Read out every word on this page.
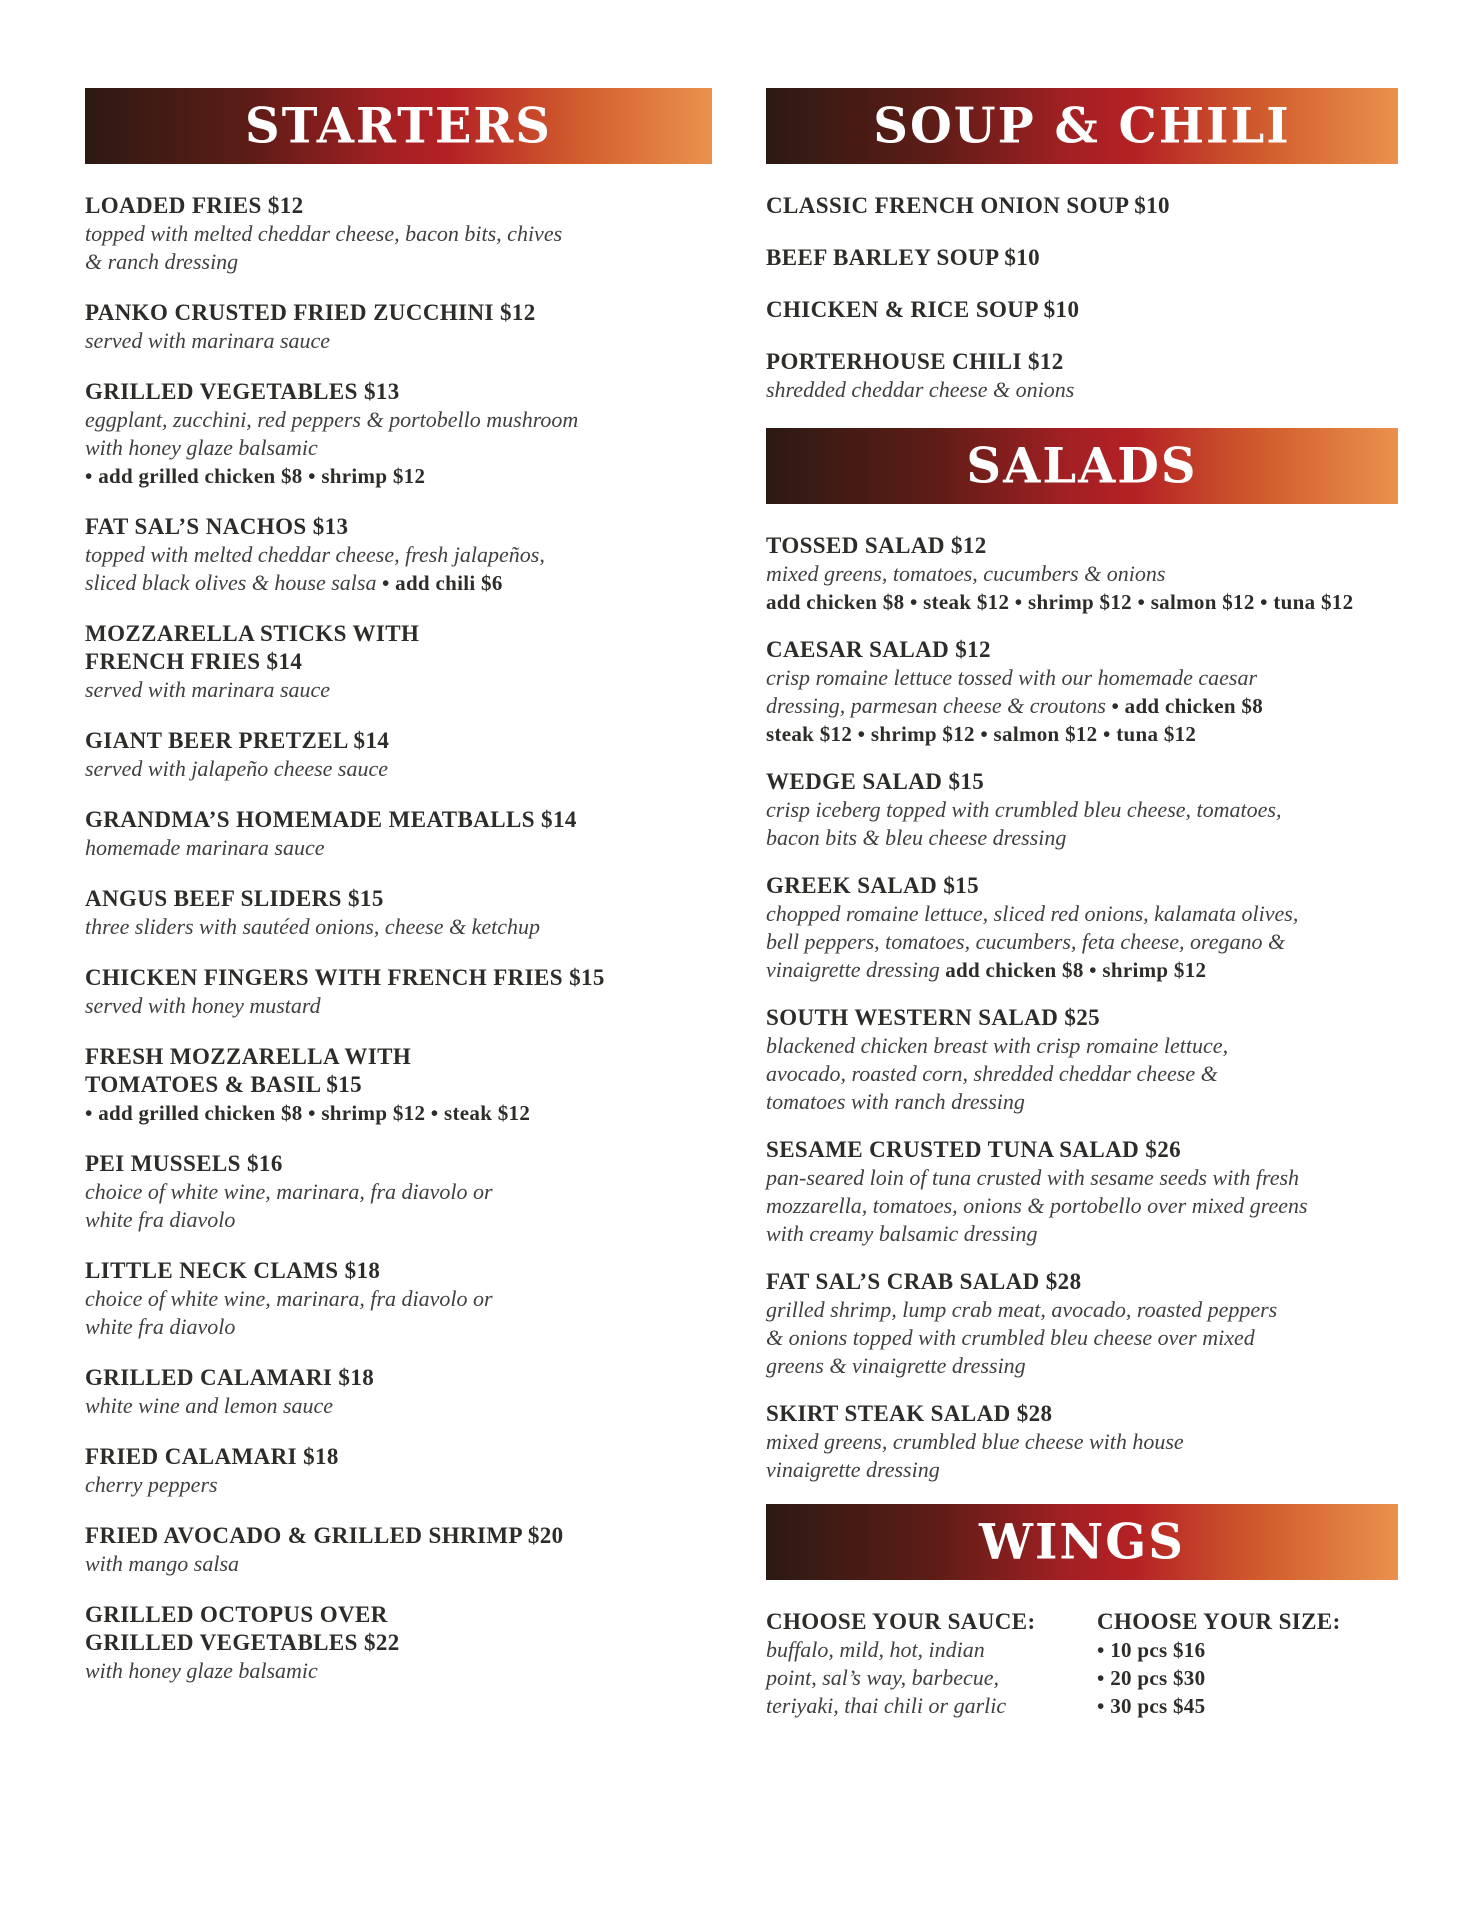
STARTERS
LOADED FRIES $12
topped with melted cheddar cheese, bacon bits, chives
& ranch dressing
PANKO CRUSTED FRIED ZUCCHINI $12
served with marinara sauce
GRILLED VEGETABLES $13
eggplant, zucchini, red peppers & portobello mushroom
with honey glaze balsamic
• add grilled chicken $8 • shrimp $12
FAT SAL’S NACHOS $13
topped with melted cheddar cheese, fresh jalapeños,
sliced black olives & house salsa • add chili $6
MOZZARELLA STICKS WITH
FRENCH FRIES $14
served with marinara sauce
GIANT BEER PRETZEL $14
served with jalapeño cheese sauce
GRANDMA’S HOMEMADE MEATBALLS $14
homemade marinara sauce
ANGUS BEEF SLIDERS $15
three sliders with sautéed onions, cheese & ketchup
CHICKEN FINGERS WITH FRENCH FRIES $15
served with honey mustard
FRESH MOZZARELLA WITH
TOMATOES & BASIL $15
• add grilled chicken $8 • shrimp $12 • steak $12
PEI MUSSELS $16
choice of white wine, marinara, fra diavolo or
white fra diavolo
LITTLE NECK CLAMS $18
choice of white wine, marinara, fra diavolo or
white fra diavolo
GRILLED CALAMARI $18
white wine and lemon sauce
FRIED CALAMARI $18
cherry peppers
FRIED AVOCADO & GRILLED SHRIMP $20
with mango salsa
GRILLED OCTOPUS OVER
GRILLED VEGETABLES $22
with honey glaze balsamic
SOUP & CHILI
CLASSIC FRENCH ONION SOUP $10
BEEF BARLEY SOUP $10
CHICKEN & RICE SOUP $10
PORTERHOUSE CHILI $12
shredded cheddar cheese & onions
SALADS
TOSSED SALAD $12
mixed greens, tomatoes, cucumbers & onions
add chicken $8 • steak $12 • shrimp $12 • salmon $12 • tuna $12
CAESAR SALAD $12
crisp romaine lettuce tossed with our homemade caesar
dressing, parmesan cheese & croutons • add chicken $8
steak $12 • shrimp $12 • salmon $12 • tuna $12
WEDGE SALAD $15
crisp iceberg topped with crumbled bleu cheese, tomatoes,
bacon bits & bleu cheese dressing
GREEK SALAD $15
chopped romaine lettuce, sliced red onions, kalamata olives,
bell peppers, tomatoes, cucumbers, feta cheese, oregano &
vinaigrette dressing add chicken $8 • shrimp $12
SOUTH WESTERN SALAD $25
blackened chicken breast with crisp romaine lettuce,
avocado, roasted corn, shredded cheddar cheese &
tomatoes with ranch dressing
SESAME CRUSTED TUNA SALAD $26
pan-seared loin of tuna crusted with sesame seeds with fresh
mozzarella, tomatoes, onions & portobello over mixed greens
with creamy balsamic dressing
FAT SAL’S CRAB SALAD $28
grilled shrimp, lump crab meat, avocado, roasted peppers
& onions topped with crumbled bleu cheese over mixed
greens & vinaigrette dressing
SKIRT STEAK SALAD $28
mixed greens, crumbled blue cheese with house
vinaigrette dressing
WINGS
CHOOSE YOUR SAUCE:
buffalo, mild, hot, indian
point, sal’s way, barbecue,
teriyaki, thai chili or garlic
CHOOSE YOUR SIZE:
• 10 pcs $16
• 20 pcs $30
• 30 pcs $45
